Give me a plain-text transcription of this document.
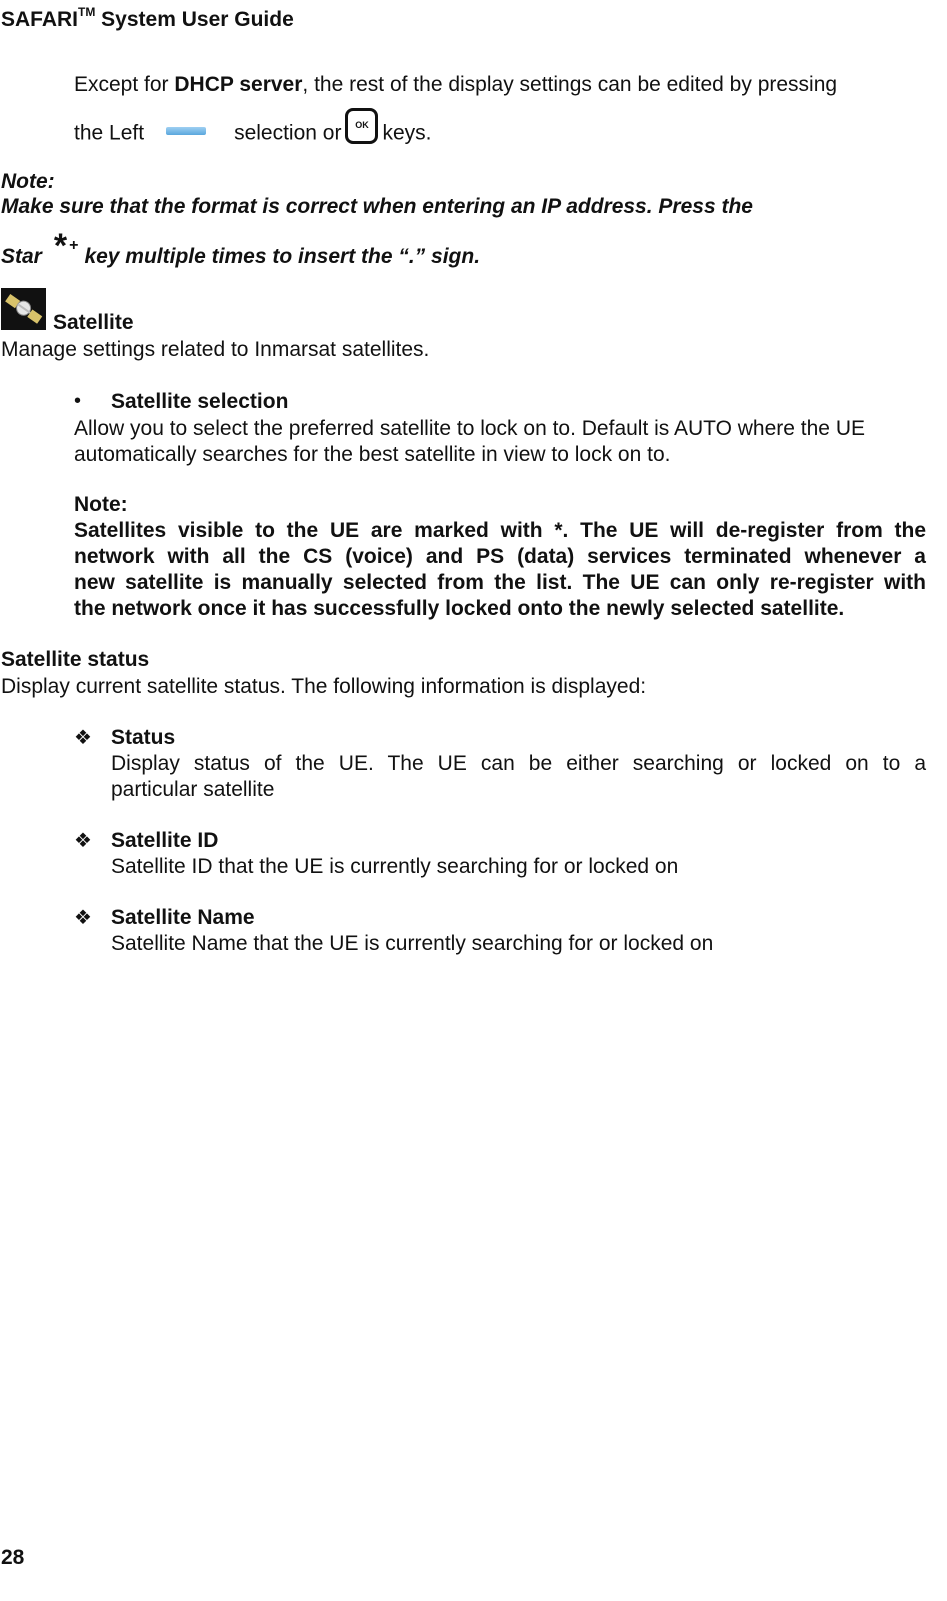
SAFARI™ System User Guide
Except for DHCP server, the rest of the display settings can be edited by pressing
the Left	selection or OK keys.
Note:
Make sure that the format is correct when entering an IP address. Press the
Star *+ key multiple times to insert the “.” sign.
Satellite
Manage settings related to Inmarsat satellites.
• Satellite selection
Allow you to select the preferred satellite to lock on to. Default is AUTO where the UE
automatically searches for the best satellite in view to lock on to.
Note:
Satellites visible to the UE are marked with *. The UE will de-register from the
network with all the CS (voice) and PS (data) services terminated whenever a
new satellite is manually selected from the list. The UE can only re-register with
the network once it has successfully locked onto the newly selected satellite.
Satellite status
Display current satellite status. The following information is displayed:
❖ Status
Display status of the UE. The UE can be either searching or locked on to a
particular satellite
❖ Satellite ID
Satellite ID that the UE is currently searching for or locked on
❖ Satellite Name
Satellite Name that the UE is currently searching for or locked on
28
